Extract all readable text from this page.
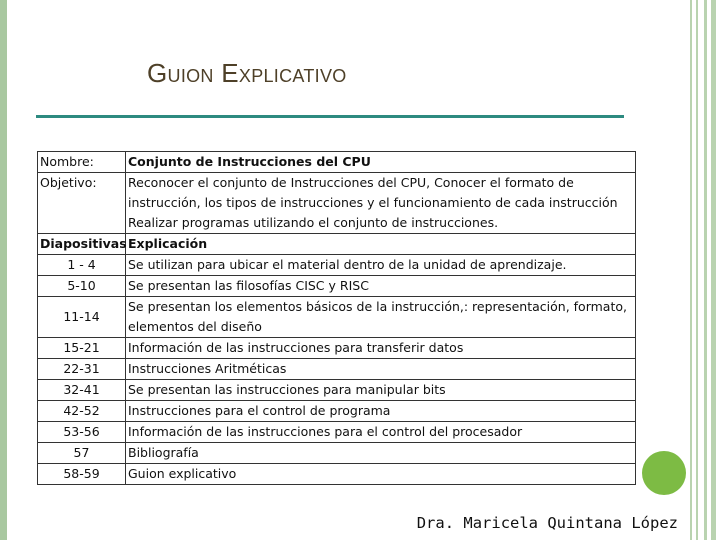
Guion Explicativo
Nombre:	Conjunto de Instrucciones del CPU
Objetivo:	Reconocer el conjunto de Instrucciones del CPU, Conocer el formato de instrucción, los tipos de instrucciones y el funcionamiento de cada instrucción Realizar programas utilizando el conjunto de instrucciones.
Diapositivas	Explicación
1 - 4	Se utilizan para ubicar el material dentro de la unidad de aprendizaje.
5-10	Se presentan las filosofías CISC y RISC
11-14	Se presentan los elementos básicos de la instrucción,: representación, formato, elementos del diseño
15-21	Información de las instrucciones para transferir datos
22-31	Instrucciones Aritméticas
32-41	Se presentan las instrucciones para manipular bits
42-52	Instrucciones para el control de programa
53-56	Información de las instrucciones para el control del procesador
57	Bibliografía
58-59	Guion explicativo
Dra. Maricela Quintana López
